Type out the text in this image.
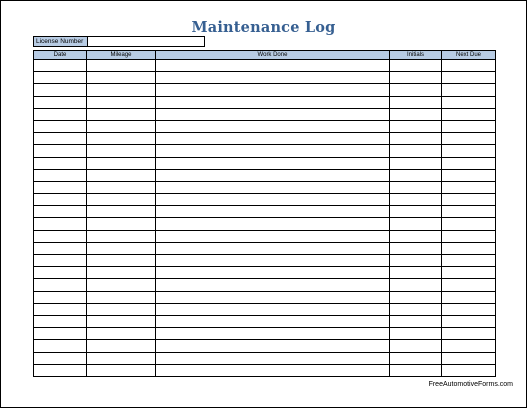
Maintenance Log
License Number
Date	Mileage	Work Done	Initials	Next Due

FreeAutomotiveForms.com
